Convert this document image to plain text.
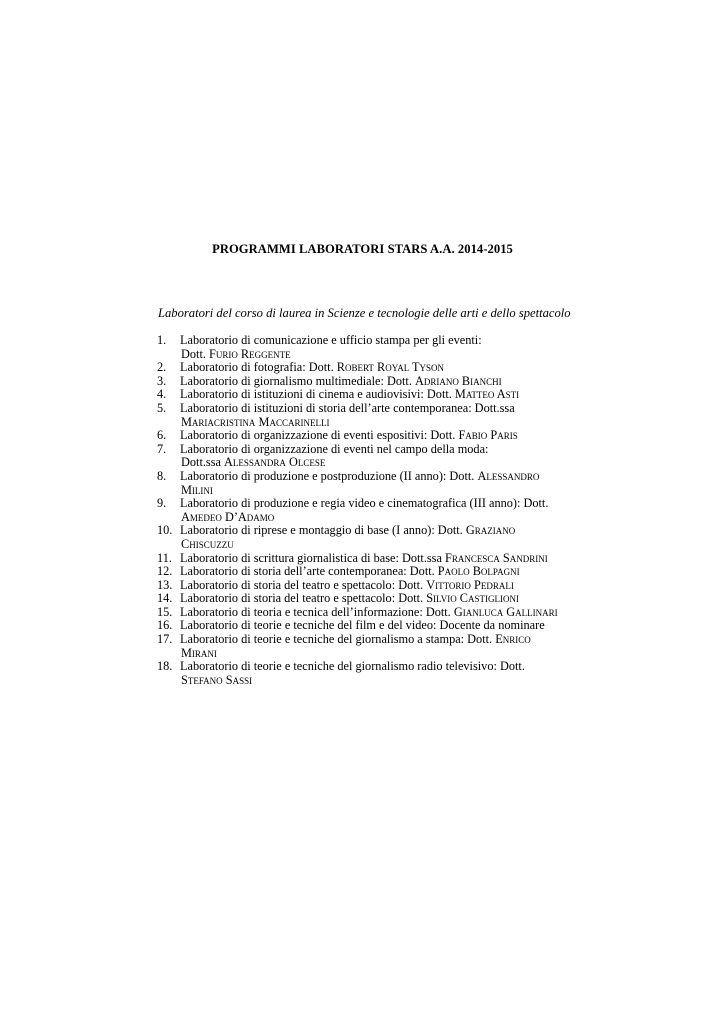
PROGRAMMI LABORATORI STARS A.A. 2014-2015
Laboratori del corso di laurea in Scienze e tecnologie delle arti e dello spettacolo
1.	Laboratorio di comunicazione e ufficio stampa per gli eventi:
Dott. Furio Reggente
2.	Laboratorio di fotografia: Dott. Robert Royal Tyson
3.	Laboratorio di giornalismo multimediale: Dott. Adriano Bianchi
4.	Laboratorio di istituzioni di cinema e audiovisivi: Dott. Matteo Asti
5.	Laboratorio di istituzioni di storia dell’arte contemporanea: Dott.ssa
Mariacristina Maccarinelli
6.	Laboratorio di organizzazione di eventi espositivi: Dott. Fabio Paris
7.	Laboratorio di organizzazione di eventi nel campo della moda:
Dott.ssa Alessandra Olcese
8.	Laboratorio di produzione e postproduzione (II anno): Dott. Alessandro
Milini
9.	Laboratorio di produzione e regia video e cinematografica (III anno): Dott.
Amedeo D’Adamo
10. Laboratorio di riprese e montaggio di base (I anno): Dott. Graziano
Chiscuzzu
11. Laboratorio di scrittura giornalistica di base: Dott.ssa Francesca Sandrini
12. Laboratorio di storia dell’arte contemporanea: Dott. Paolo Bolpagni
13. Laboratorio di storia del teatro e spettacolo: Dott. Vittorio Pedrali
14. Laboratorio di storia del teatro e spettacolo: Dott. Silvio Castiglioni
15. Laboratorio di teoria e tecnica dell’informazione: Dott. Gianluca Gallinari
16. Laboratorio di teorie e tecniche del film e del video: Docente da nominare
17. Laboratorio di teorie e tecniche del giornalismo a stampa: Dott. Enrico
Mirani
18. Laboratorio di teorie e tecniche del giornalismo radio televisivo: Dott.
Stefano Sassi
